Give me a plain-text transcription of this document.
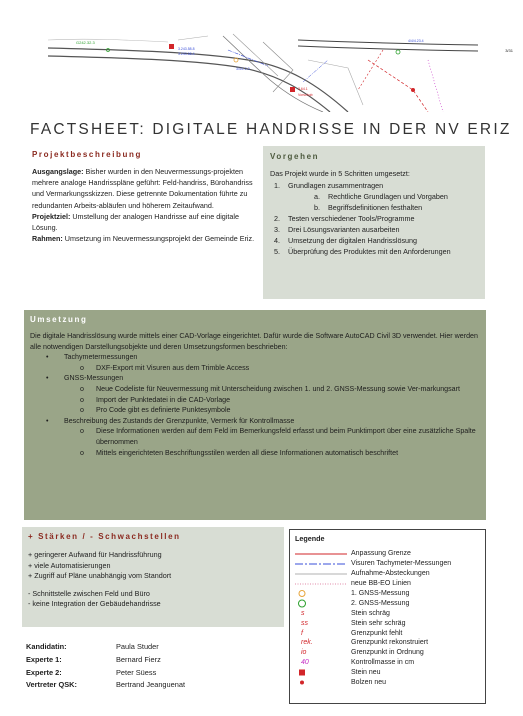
G242.32.3
3.243.58.8
3.243.58.4
3/4/1.2.3
3.64.1
Vorschub
4/4/4.23.4
3/31
FACTSHEET: DIGITALE HANDRISSE IN DER NV ERIZ
Projektbeschreibung
Ausgangslage: Bisher wurden in den Neuvermessungs-projekten mehrere analoge Handrisspläne geführt: Feld-handriss, Bürohandriss und Vermarkungsskizzen. Diese getrennte Dokumentation führte zu redundanten Arbeits-abläufen und höherem Zeitaufwand.
Projektziel: Umstellung der analogen Handrisse auf eine digitale Lösung.
Rahmen: Umsetzung im Neuvermessungsprojekt der Gemeinde Eriz.
Vorgehen
Das Projekt wurde in 5 Schritten umgesetzt:
1.	Grundlagen zusammentragen
a.	Rechtliche Grundlagen und Vorgaben
b.	Begriffsdefinitionen festhalten
2.	Testen verschiedener Tools/Programme
3.	Drei Lösungsvarianten ausarbeiten
4.	Umsetzung der digitalen Handrisslösung
5.	Überprüfung des Produktes mit den Anforderungen
Umsetzung
Die digitale Handrisslösung wurde mittels einer CAD-Vorlage eingerichtet. Dafür wurde die Software AutoCAD Civil 3D verwendet. Hier werden alle notwendigen Darstellungsobjekte und deren Umsetzungsformen beschrieben:
•	Tachymetermessungen
o	DXF-Export mit Visuren aus dem Trimble Access
•	GNSS-Messungen
o	Neue Codeliste für Neuvermessung mit Unterscheidung zwischen 1. und 2. GNSS-Messung sowie Ver-markungsart
o	Import der Punktedatei in die CAD-Vorlage
o	Pro Code gibt es definierte Punktesymbole
•	Beschreibung des Zustands der Grenzpunkte, Vermerk für Kontrollmasse
o	Diese Informationen werden auf dem Feld im Bemerkungsfeld erfasst und beim Punktimport über eine zusätzliche Spalte übernommen
o	Mittels eingerichteten Beschriftungsstilen werden all diese Informationen automatisch beschriftet
+ Stärken / - Schwachstellen
+ geringerer Aufwand für Handrissführung
+ viele Automatisierungen
+ Zugriff auf Pläne unabhängig vom Standort
- Schnittstelle zwischen Feld und Büro
- keine Integration der Gebäudehandrisse
Legende
Anpassung Grenze
Visuren Tachymeter-Messungen
Aufnahme-Absteckungen
neue BB-EO Linien
1. GNSS-Messung
2. GNSS-Messung
s	Stein schräg
ss	Stein sehr schräg
f	Grenzpunkt fehlt
rek.	Grenzpunkt rekonstruiert
io	Grenzpunkt in Ordnung
40	Kontrollmasse in cm
Stein neu
Bolzen neu
Kandidatin:	Paula Studer
Experte 1:	Bernard Fierz
Experte 2:	Peter Süess
Vertreter QSK:	Bertrand Jeanguenat
